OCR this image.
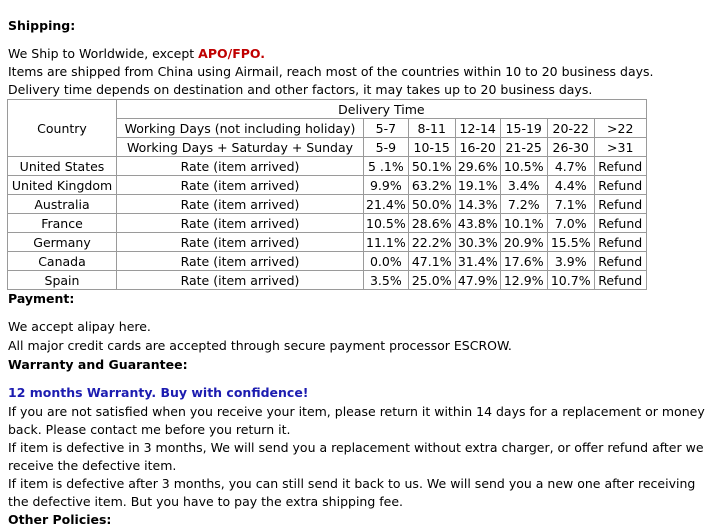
Shipping:
We Ship to Worldwide, except APO/FPO.
Items are shipped from China using Airmail, reach most of the countries within 10 to 20 business days.
Delivery time depends on destination and other factors, it may takes up to 20 business days.
Country	Delivery Time						
	Working Days (not including holiday)	5-7	8-11	12-14	15-19	20-22	>22
	Working Days + Saturday + Sunday	5-9	10-15	16-20	21-25	26-30	>31
United States	Rate (item arrived)	5 .1%	50.1%	29.6%	10.5%	4.7%	Refund
United Kingdom	Rate (item arrived)	9.9%	63.2%	19.1%	3.4%	4.4%	Refund
Australia	Rate (item arrived)	21.4%	50.0%	14.3%	7.2%	7.1%	Refund
France	Rate (item arrived)	10.5%	28.6%	43.8%	10.1%	7.0%	Refund
Germany	Rate (item arrived)	11.1%	22.2%	30.3%	20.9%	15.5%	Refund
Canada	Rate (item arrived)	0.0%	47.1%	31.4%	17.6%	3.9%	Refund
Spain	Rate (item arrived)	3.5%	25.0%	47.9%	12.9%	10.7%	Refund
Payment:
We accept alipay here.
All major credit cards are accepted through secure payment processor ESCROW.
Warranty and Guarantee:
12 months Warranty. Buy with confidence!
If you are not satisfied when you receive your item, please return it within 14 days for a replacement or money
back. Please contact me before you return it.
If item is defective in 3 months, We will send you a replacement without extra charger, or offer refund after we
receive the defective item.
If item is defective after 3 months, you can still send it back to us. We will send you a new one after receiving
the defective item. But you have to pay the extra shipping fee.
Other Policies:
